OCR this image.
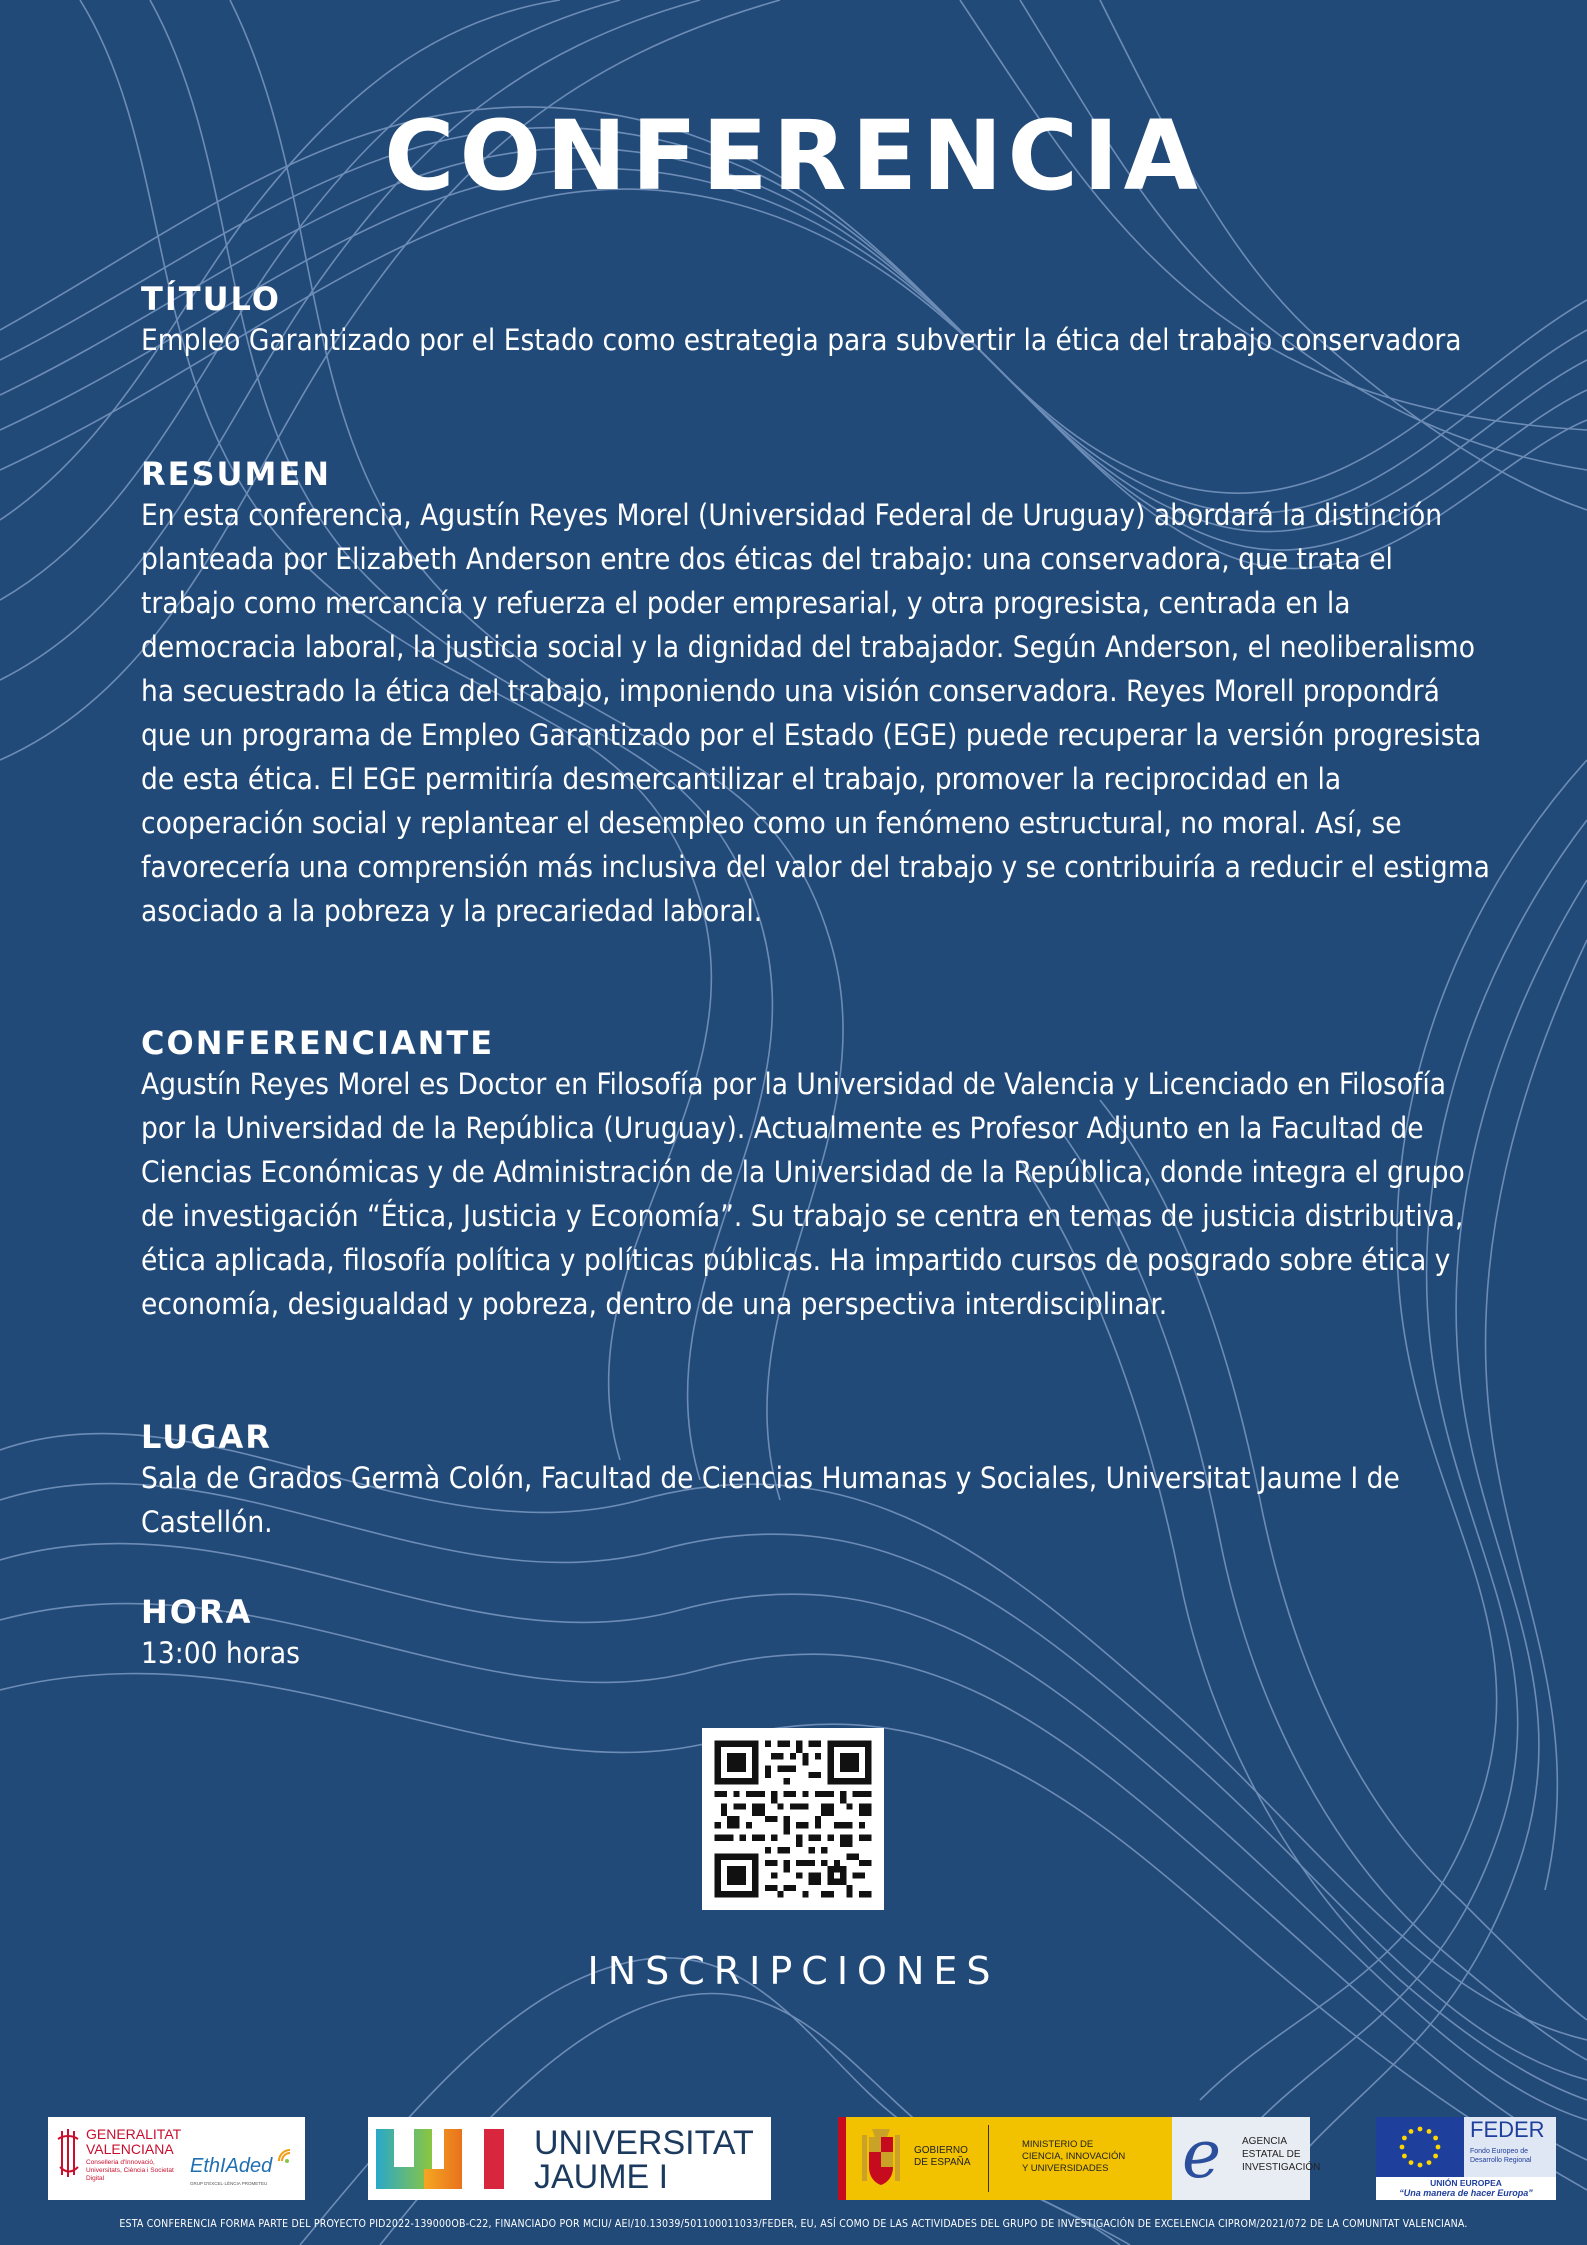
CONFERENCIA
TÍTULO

Empleo Garantizado por el Estado como estrategia para subvertir la ética del trabajo conservadora

RESUMEN

En esta conferencia, Agustín Reyes Morel (Universidad Federal de Uruguay) abordará la distinción planteada por Elizabeth Anderson entre dos éticas del trabajo: una conservadora, que trata el trabajo como mercancía y refuerza el poder empresarial, y otra progresista, centrada en la democracia laboral, la justicia social y la dignidad del trabajador. Según Anderson, el neoliberalismo ha secuestrado la ética del trabajo, imponiendo una visión conservadora. Reyes Morell propondrá que un programa de Empleo Garantizado por el Estado (EGE) puede recuperar la versión progresista de esta ética. El EGE permitiría desmercantilizar el trabajo, promover la reciprocidad en la cooperación social y replantear el desempleo como un fenómeno estructural, no moral. Así, se favorecería una comprensión más inclusiva del valor del trabajo y se contribuiría a reducir el estigma asociado a la pobreza y la precariedad laboral.

CONFERENCIANTE

Agustín Reyes Morel es Doctor en Filosofía por la Universidad de Valencia y Licenciado en Filosofía por la Universidad de la República (Uruguay). Actualmente es Profesor Adjunto en la Facultad de Ciencias Económicas y de Administración de la Universidad de la República, donde integra el grupo de investigación “Ética, Justicia y Economía”. Su trabajo se centra en temas de justicia distributiva, ética aplicada, filosofía política y políticas públicas. Ha impartido cursos de posgrado sobre ética y economía, desigualdad y pobreza, dentro de una perspectiva interdisciplinar.

LUGAR

Sala de Grados Germà Colón, Facultad de Ciencias Humanas y Sociales, Universitat Jaume I de Castellón.

HORA

13:00 horas

INSCRIPCIONES
GENERALITAT VALENCIANA
Conselleria d'Innovació, Universitats, Ciència i Societat Digital
EthIAded
GRUP D'EXCEL·LÈNCIA PROMETEU
UNIVERSITAT
JAUME I
GOBIERNO DE ESPAÑA
MINISTERIO DE CIENCIA, INNOVACIÓN Y UNIVERSIDADES	e AGENCIA ESTATAL DE INVESTIGACIÓN
FEDER
Fondo Europeo de Desarrollo Regional
UNIÓN EUROPEA
“Una manera de hacer Europa”
ESTA CONFERENCIA FORMA PARTE DEL PROYECTO PID2022-139000OB-C22, FINANCIADO POR MCIU/ AEI/10.13039/501100011033/FEDER, EU, ASÍ COMO DE LAS ACTIVIDADES DEL GRUPO DE INVESTIGACIÓN DE EXCELENCIA CIPROM/2021/072 DE LA COMUNITAT VALENCIANA.
